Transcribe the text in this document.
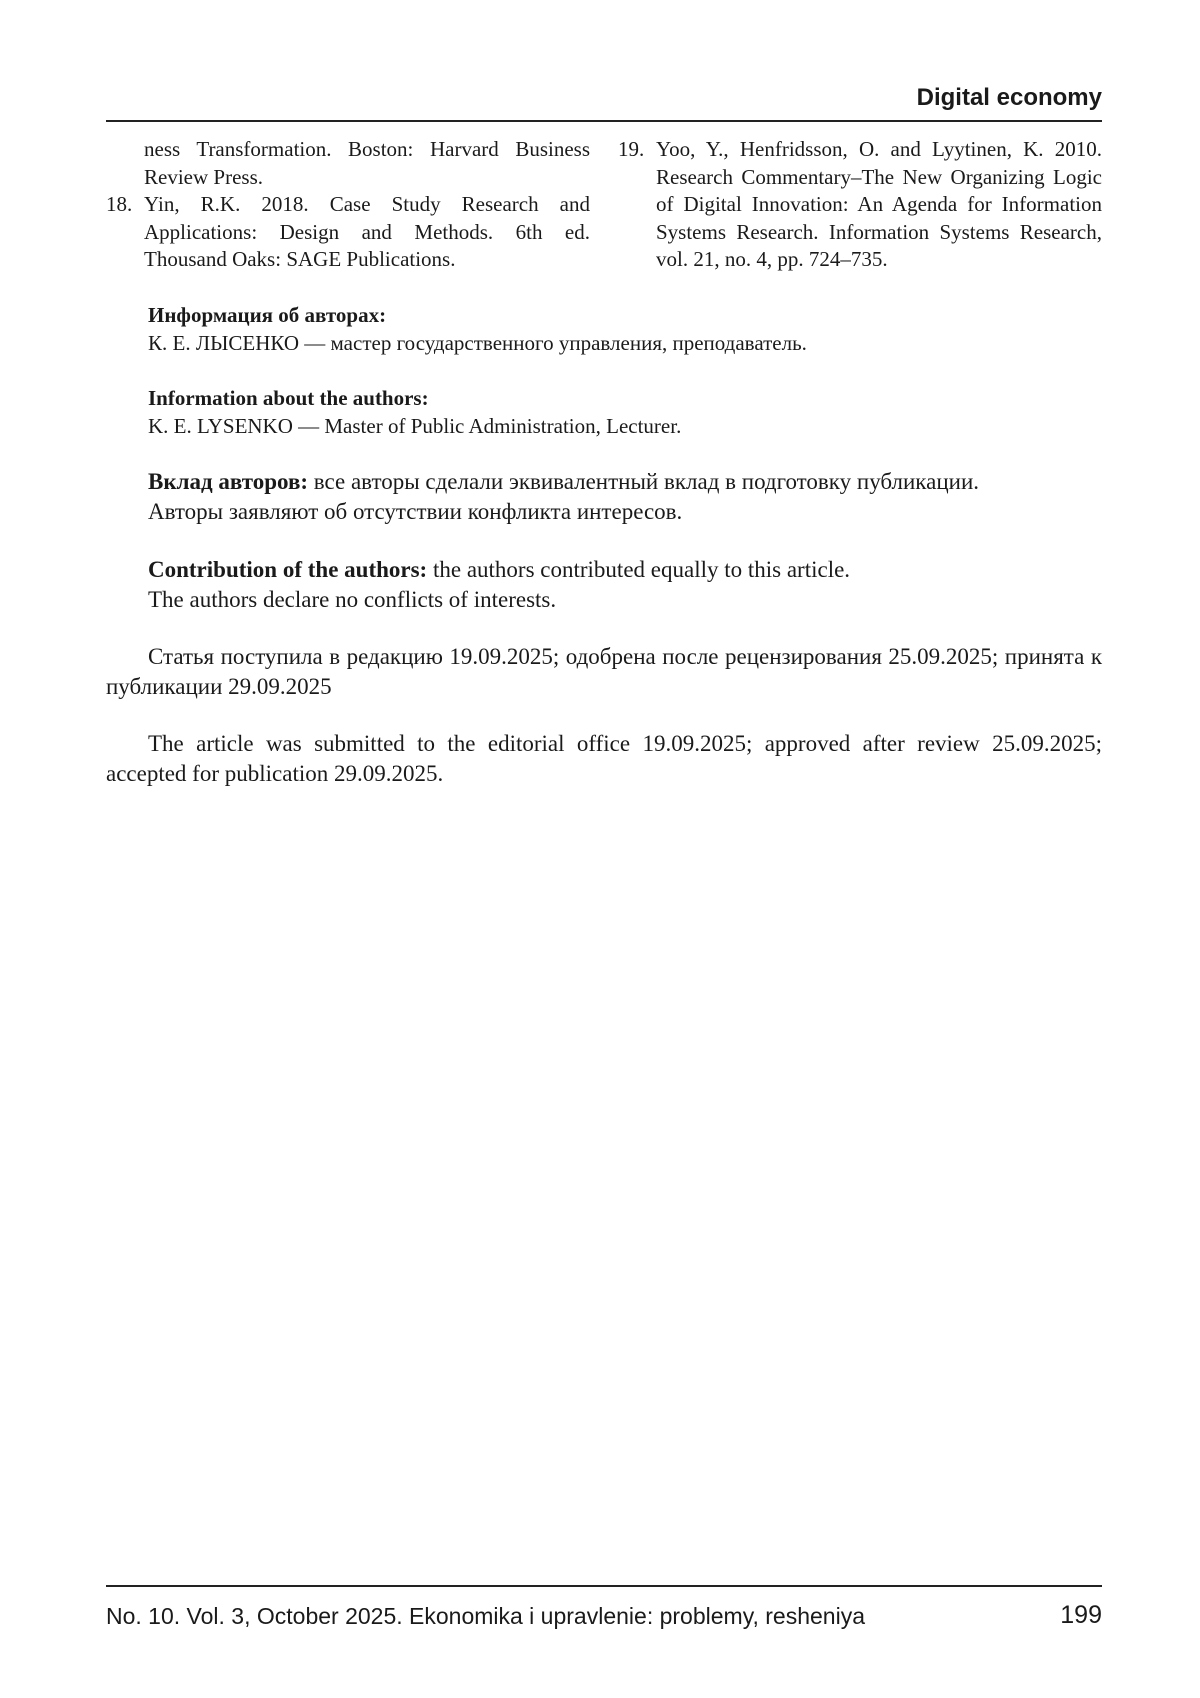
Digital economy
ness Transformation. Boston: Harvard Business Review Press.
18. Yin, R.K. 2018. Case Study Research and Applications: Design and Methods. 6th ed. Thousand Oaks: SAGE Publications.
19. Yoo, Y., Henfridsson, O. and Lyytinen, K. 2010. Research Commentary–The New Organizing Logic of Digital Innovation: An Agenda for Information Systems Research. Information Systems Research, vol. 21, no. 4, pp. 724–735.
Информация об авторах:
К. Е. ЛЫСЕНКО — мастер государственного управления, преподаватель.
Information about the authors:
K. E. LYSENKO — Master of Public Administration, Lecturer.
Вклад авторов: все авторы сделали эквивалентный вклад в подготовку публикации.
Авторы заявляют об отсутствии конфликта интересов.
Contribution of the authors: the authors contributed equally to this article.
The authors declare no conflicts of interests.
Статья поступила в редакцию 19.09.2025; одобрена после рецензирования 25.09.2025; принята к публикации 29.09.2025
The article was submitted to the editorial office 19.09.2025; approved after review 25.09.2025; accepted for publication 29.09.2025.
No. 10. Vol. 3, October 2025. Ekonomika i upravlenie: problemy, resheniya	199
